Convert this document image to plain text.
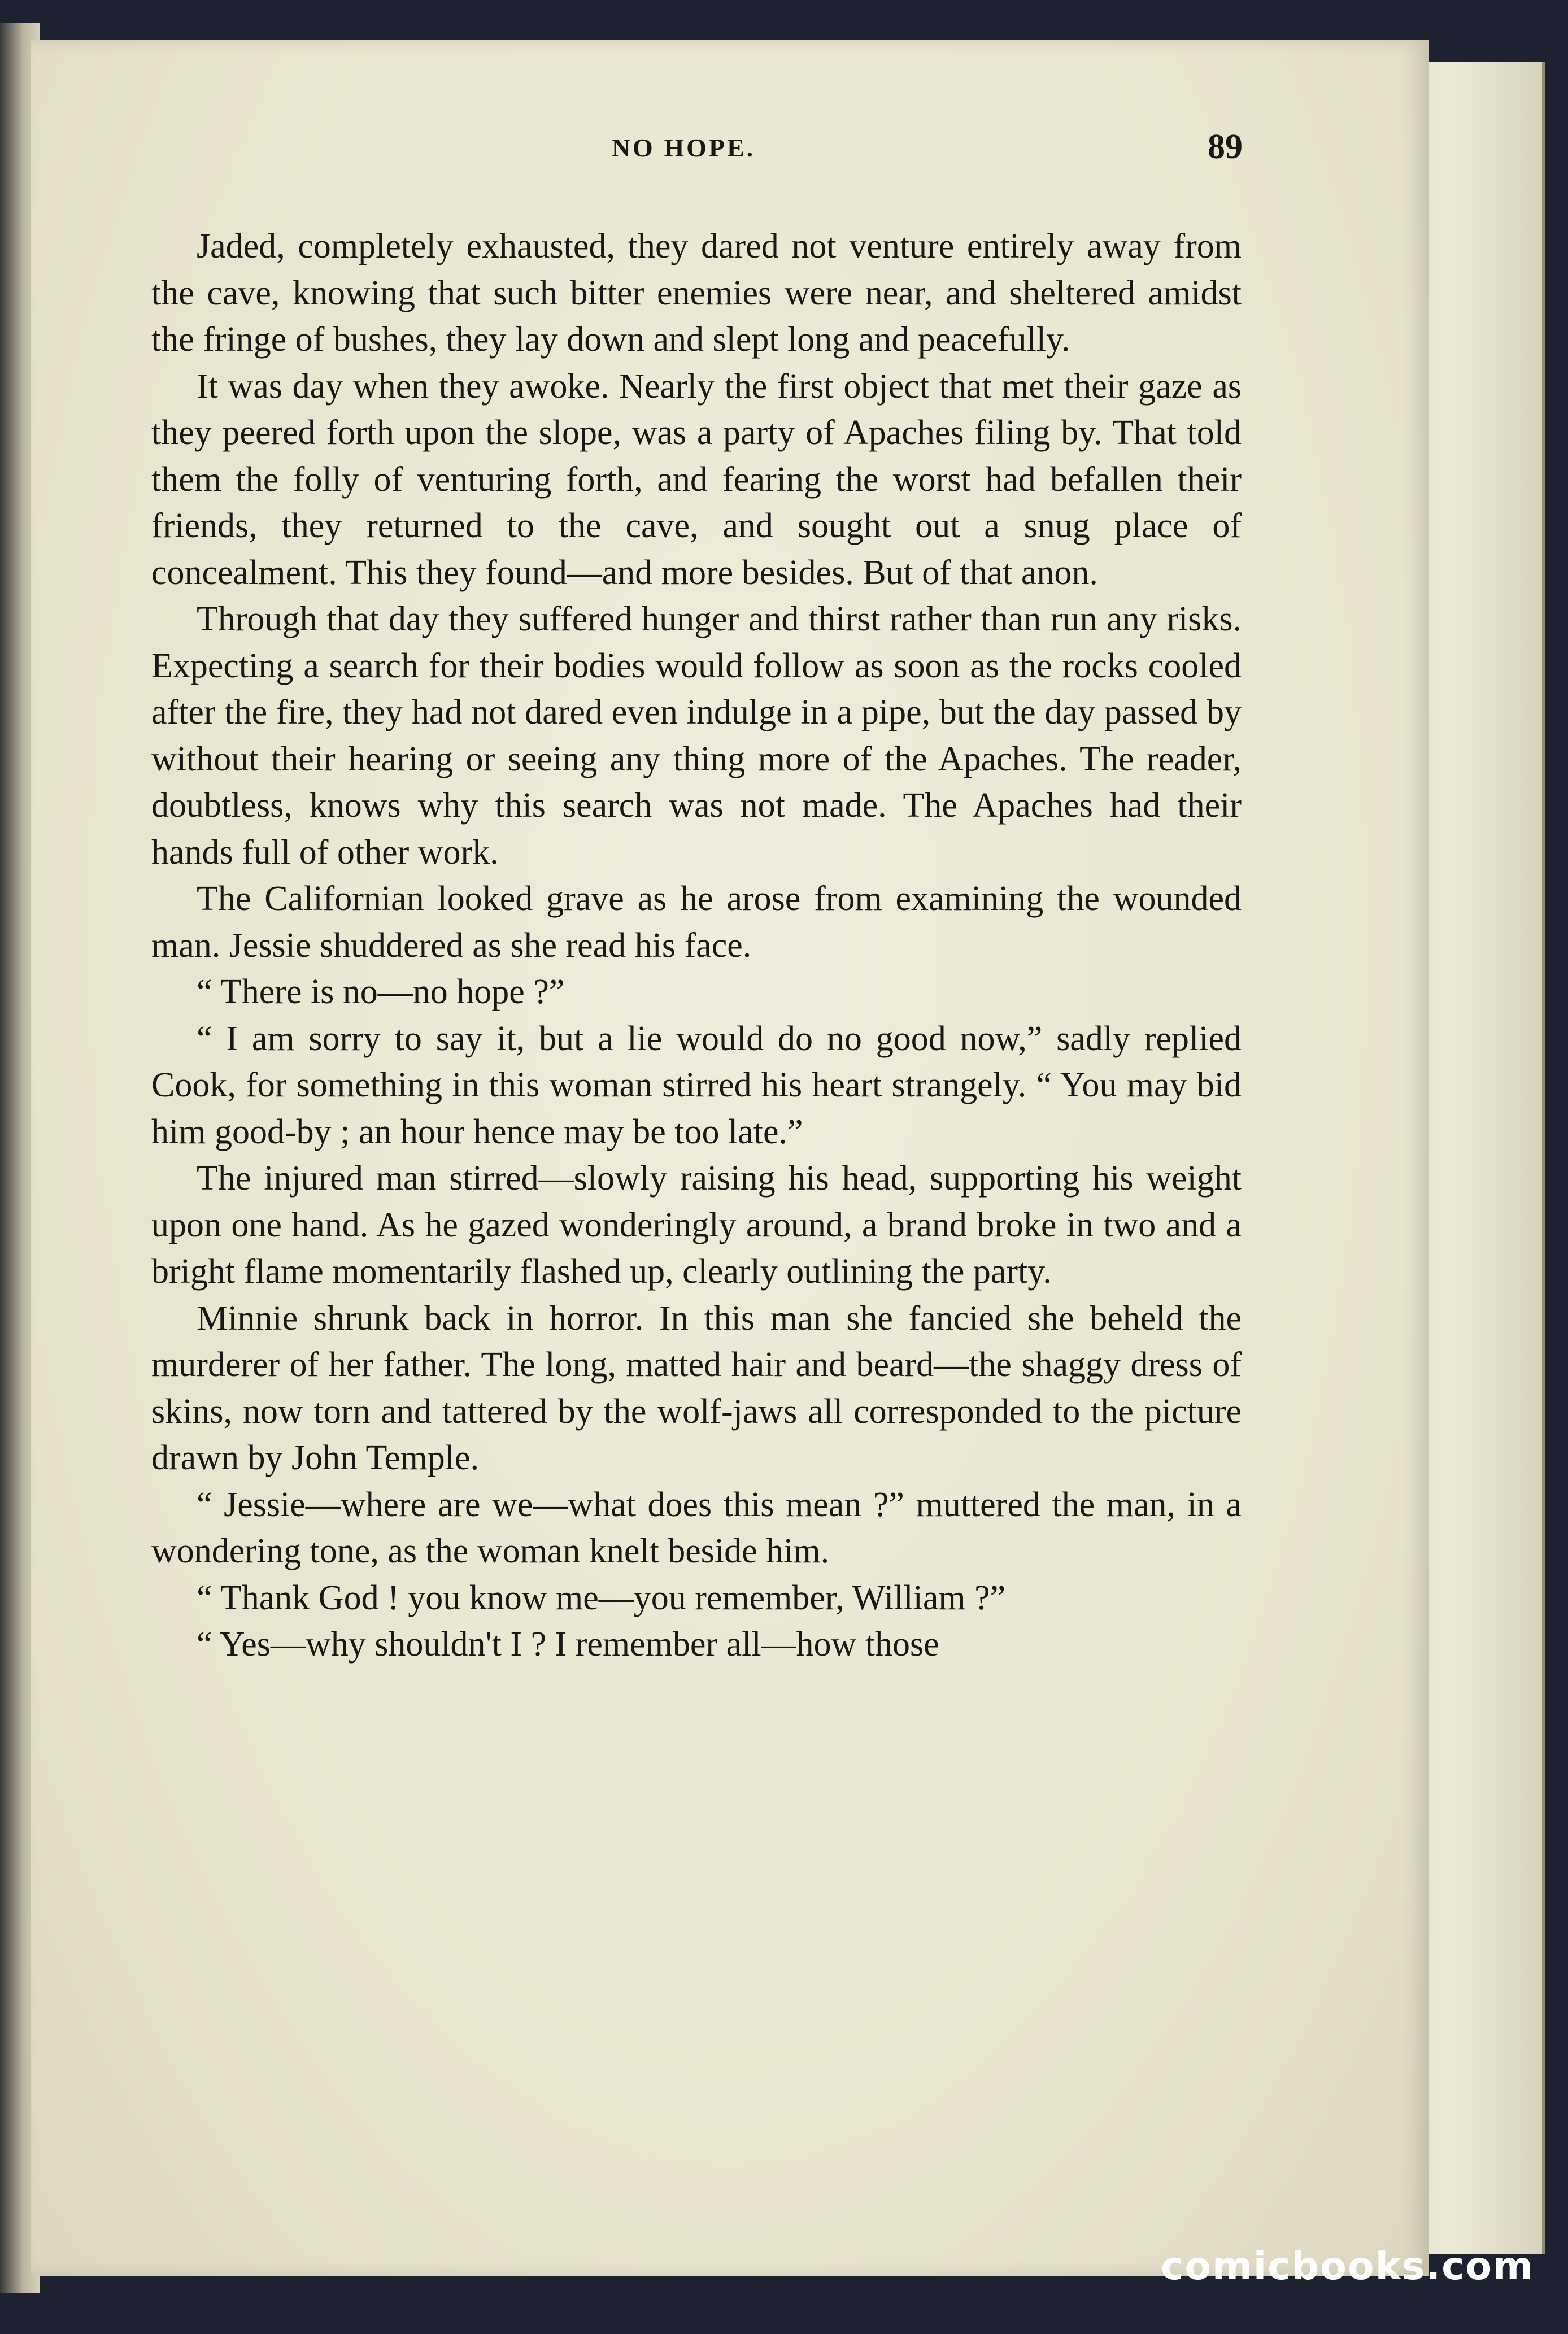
NO HOPE.	89

Jaded, completely exhausted, they dared not venture entirely away from the cave, knowing that such bitter enemies were near, and sheltered amidst the fringe of bushes, they lay down and slept long and peacefully.

It was day when they awoke. Nearly the first object that met their gaze as they peered forth upon the slope, was a party of Apaches filing by. That told them the folly of venturing forth, and fearing the worst had befallen their friends, they returned to the cave, and sought out a snug place of concealment. This they found—and more besides. But of that anon.

Through that day they suffered hunger and thirst rather than run any risks. Expecting a search for their bodies would follow as soon as the rocks cooled after the fire, they had not dared even indulge in a pipe, but the day passed by without their hearing or seeing any thing more of the Apaches. The reader, doubtless, knows why this search was not made. The Apaches had their hands full of other work.

The Californian looked grave as he arose from examining the wounded man. Jessie shuddered as she read his face.

“ There is no—no hope ?”

“ I am sorry to say it, but a lie would do no good now,” sadly replied Cook, for something in this woman stirred his heart strangely. “ You may bid him good-by ; an hour hence may be too late.”

The injured man stirred—slowly raising his head, supporting his weight upon one hand. As he gazed wonderingly around, a brand broke in two and a bright flame momentarily flashed up, clearly outlining the party.

Minnie shrunk back in horror. In this man she fancied she beheld the murderer of her father. The long, matted hair and beard—the shaggy dress of skins, now torn and tattered by the wolf-jaws all corresponded to the picture drawn by John Temple.

“ Jessie—where are we—what does this mean ?” muttered the man, in a wondering tone, as the woman knelt beside him.

“ Thank God ! you know me—you remember, William ?”

“ Yes—why shouldn't I ? I remember all—how those

comicbooks.com
